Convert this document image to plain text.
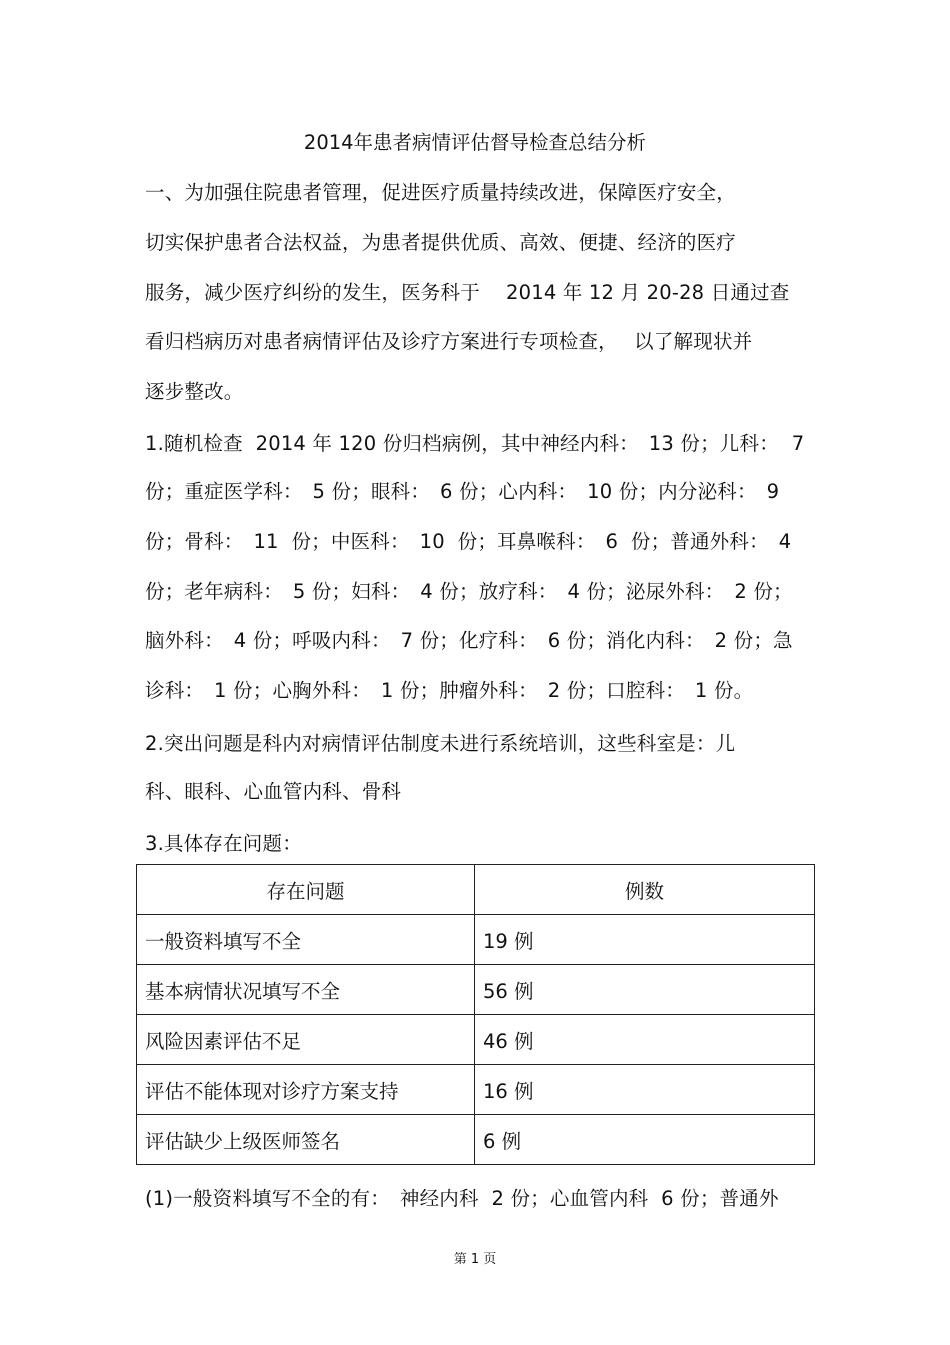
2014年患者病情评估督导检查总结分析
一、为加强住院患者管理，促进医疗质量持续改进，保障医疗安全，
切实保护患者合法权益，为患者提供优质、高效、便捷、经济的医疗
服务，减少医疗纠纷的发生，医务科于　 2014 年 12 月 20-28 日通过查
看归档病历对患者病情评估及诊疗方案进行专项检查，　 以了解现状并
逐步整改。
1.随机检查  2014 年 120 份归档病例，其中神经内科：　13 份；儿科：  7
份；重症医学科：　5 份；眼科：　6 份；心内科：　10 份；内分泌科：　9
份；骨科：　11  份；中医科：　10  份；耳鼻喉科：　6  份；普通外科：　4
份；老年病科：　5 份；妇科：　4 份；放疗科：　4 份；泌尿外科：　2 份；
脑外科：　4 份；呼吸内科：　7 份；化疗科：　6 份；消化内科：　2 份；急
诊科：　1 份；心胸外科：　1 份；肿瘤外科：　2 份；口腔科：　1 份。
2.突出问题是科内对病情评估制度未进行系统培训，这些科室是：儿
科、眼科、心血管内科、骨科
3.具体存在问题：
存在问题	例数
一般资料填写不全	19 例
基本病情状况填写不全	56 例
风险因素评估不足	46 例
评估不能体现对诊疗方案支持	16 例
评估缺少上级医师签名	6 例
(1)一般资料填写不全的有：　神经内科  2 份；心血管内科  6 份；普通外
第 1 页
